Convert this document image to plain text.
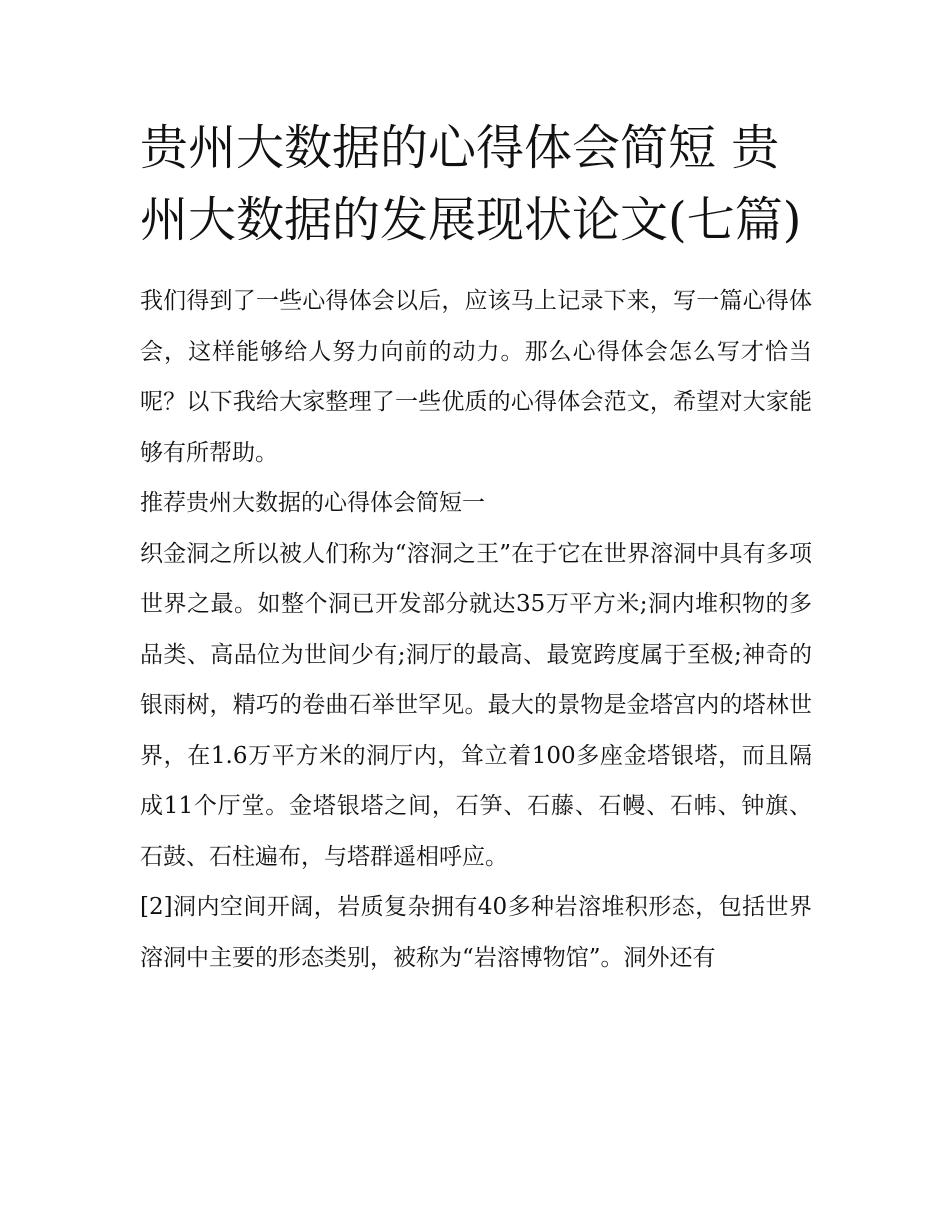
贵州大数据的心得体会简短 贵州大数据的发展现状论文(七篇)

我们得到了一些心得体会以后，应该马上记录下来，写一篇心得体会，这样能够给人努力向前的动力。那么心得体会怎么写才恰当呢？以下我给大家整理了一些优质的心得体会范文，希望对大家能够有所帮助。

推荐贵州大数据的心得体会简短一

织金洞之所以被人们称为“溶洞之王”在于它在世界溶洞中具有多项世界之最。如整个洞已开发部分就达35万平方米;洞内堆积物的多品类、高品位为世间少有;洞厅的最高、最宽跨度属于至极;神奇的银雨树，精巧的卷曲石举世罕见。最大的景物是金塔宫内的塔林世界，在1.6万平方米的洞厅内，耸立着100多座金塔银塔，而且隔成11个厅堂。金塔银塔之间，石笋、石藤、石幔、石帏、钟旗、石鼓、石柱遍布，与塔群遥相呼应。

[2]洞内空间开阔，岩质复杂拥有40多种岩溶堆积形态，包括世界溶洞中主要的形态类别，被称为“岩溶博物馆”。洞外还有
